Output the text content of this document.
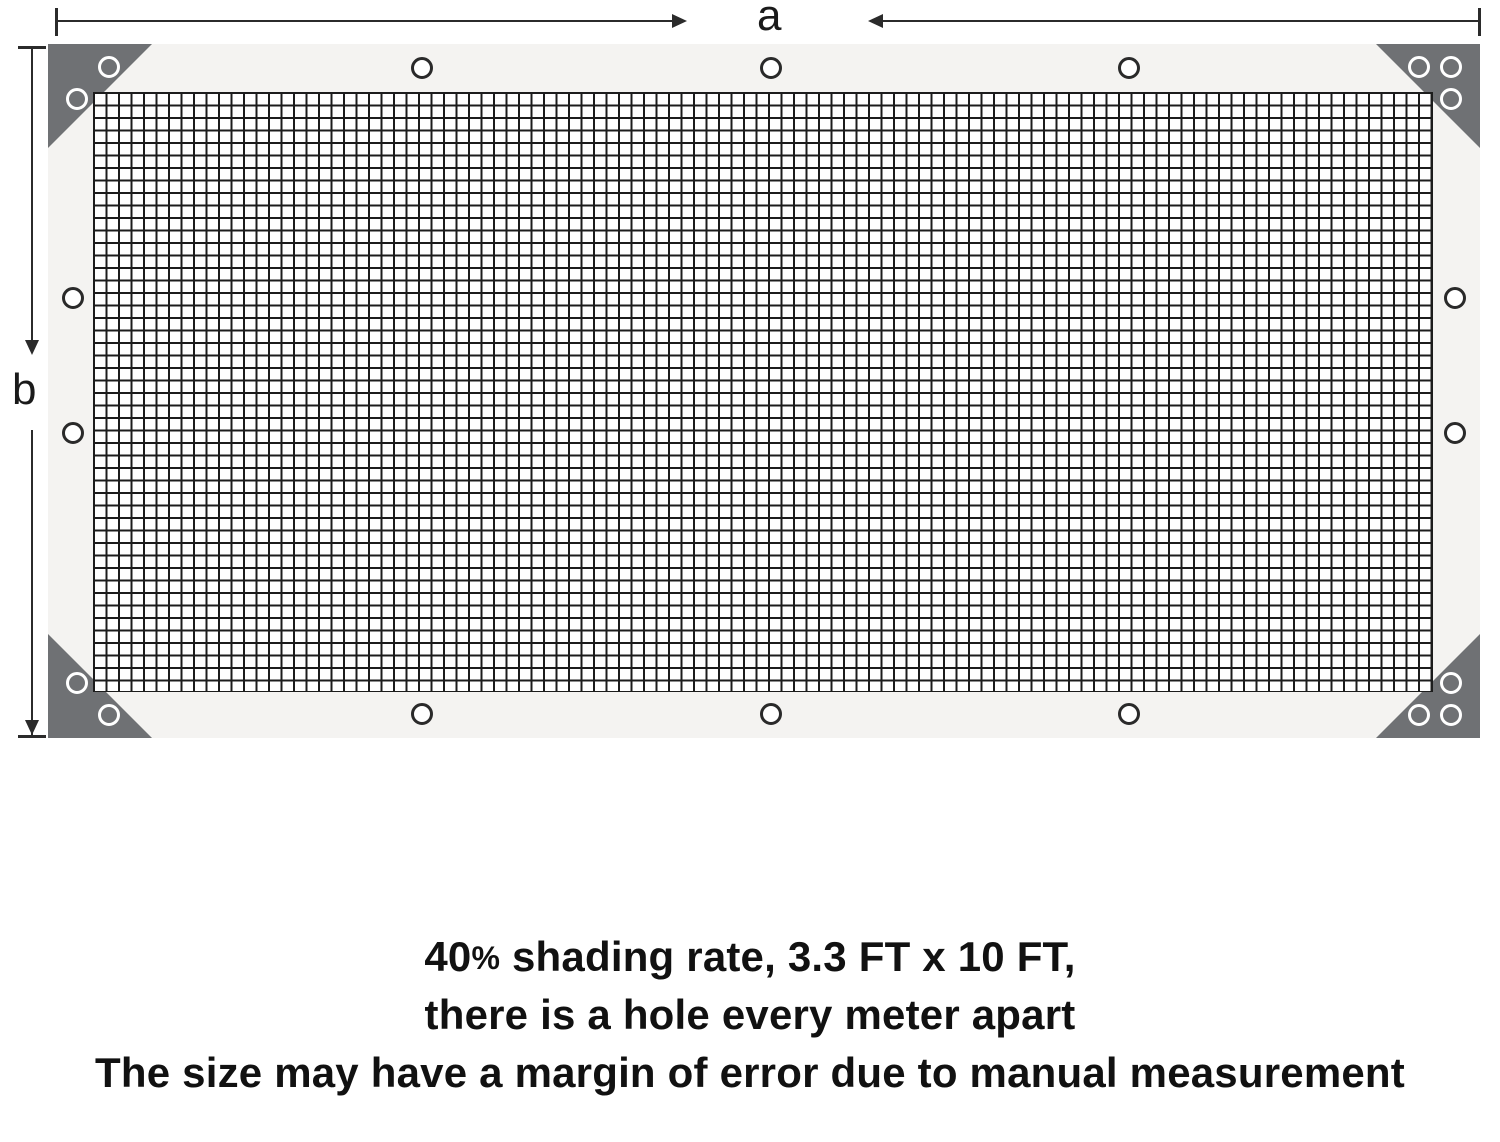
a
b
40% shading rate, 3.3 FT x 10 FT,
there is a hole every meter apart
The size may have a margin of error due to manual measurement
